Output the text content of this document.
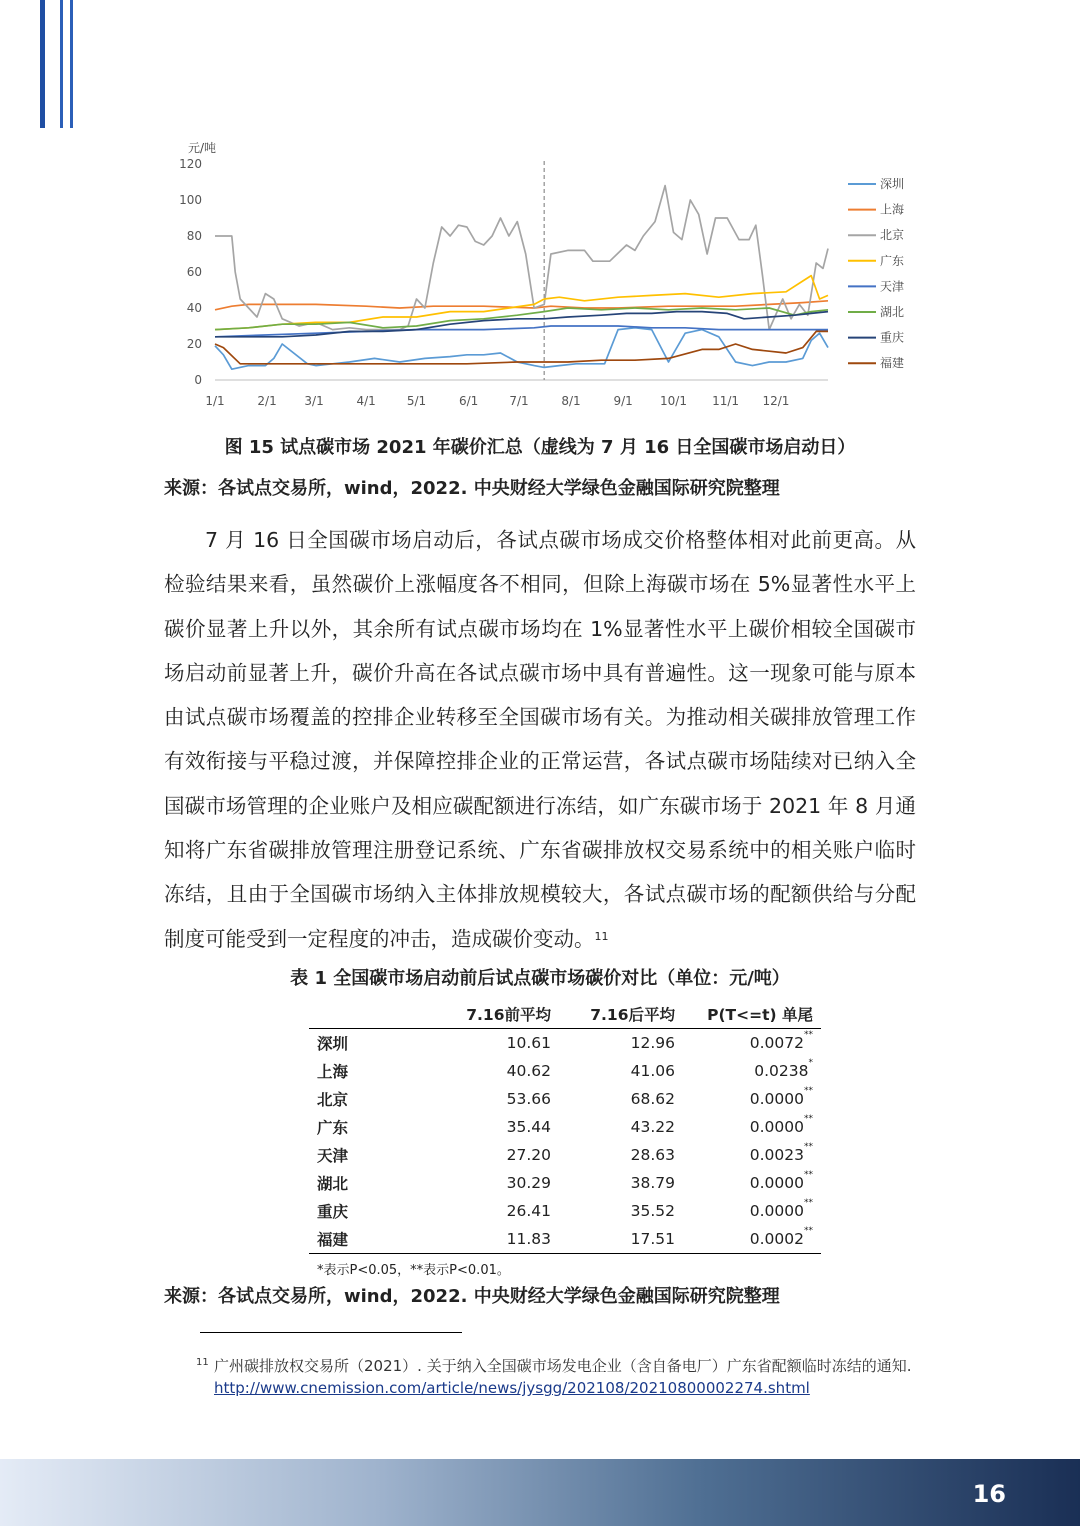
元/吨
0
20
40
60
80
100
120
1/1	2/1 3/1	4/1	5/1	6/1	7/1	8/1	9/1 10/1 11/1 12/1
深圳
上海
北京
广东
天津
湖北
重庆
福建
图 15 试点碳市场 2021 年碳价汇总（虚线为 7 月 16 日全国碳市场启动日）
来源：各试点交易所，wind，2022. 中央财经大学绿色金融国际研究院整理
7 月 16 日全国碳市场启动后，各试点碳市场成交价格整体相对此前更高。从检验结果来看，虽然碳价上涨幅度各不相同，但除上海碳市场在 5%显著性水平上碳价显著上升以外，其余所有试点碳市场均在 1%显著性水平上碳价相较全国碳市场启动前显著上升，碳价升高在各试点碳市场中具有普遍性。这一现象可能与原本由试点碳市场覆盖的控排企业转移至全国碳市场有关。为推动相关碳排放管理工作有效衔接与平稳过渡，并保障控排企业的正常运营，各试点碳市场陆续对已纳入全国碳市场管理的企业账户及相应碳配额进行冻结，如广东碳市场于 2021 年 8 月通知将广东省碳排放管理注册登记系统、广东省碳排放权交易系统中的相关账户临时冻结，且由于全国碳市场纳入主体排放规模较大，各试点碳市场的配额供给与分配制度可能受到一定程度的冲击，造成碳价变动。$^{11}$
表 1 全国碳市场启动前后试点碳市场碳价对比（单位：元/吨）
	7.16前平均	7.16后平均	P(T<=t) 单尾
深圳	10.61	12.96	0.0072**
上海	40.62	41.06	0.0238*
北京	53.66	68.62	0.0000**
广东	35.44	43.22	0.0000**
天津	27.20	28.63	0.0023**
湖北	30.29	38.79	0.0000**
重庆	26.41	35.52	0.0000**
福建	11.83	17.51	0.0002**
*表示P<0.05，**表示P<0.01。
来源：各试点交易所，wind，2022. 中央财经大学绿色金融国际研究院整理
11 广州碳排放权交易所（2021）. 关于纳入全国碳市场发电企业（含自备电厂）广东省配额临时冻结的通知. http://www.cnemission.com/article/news/jysgg/202108/20210800002274.shtml
16
